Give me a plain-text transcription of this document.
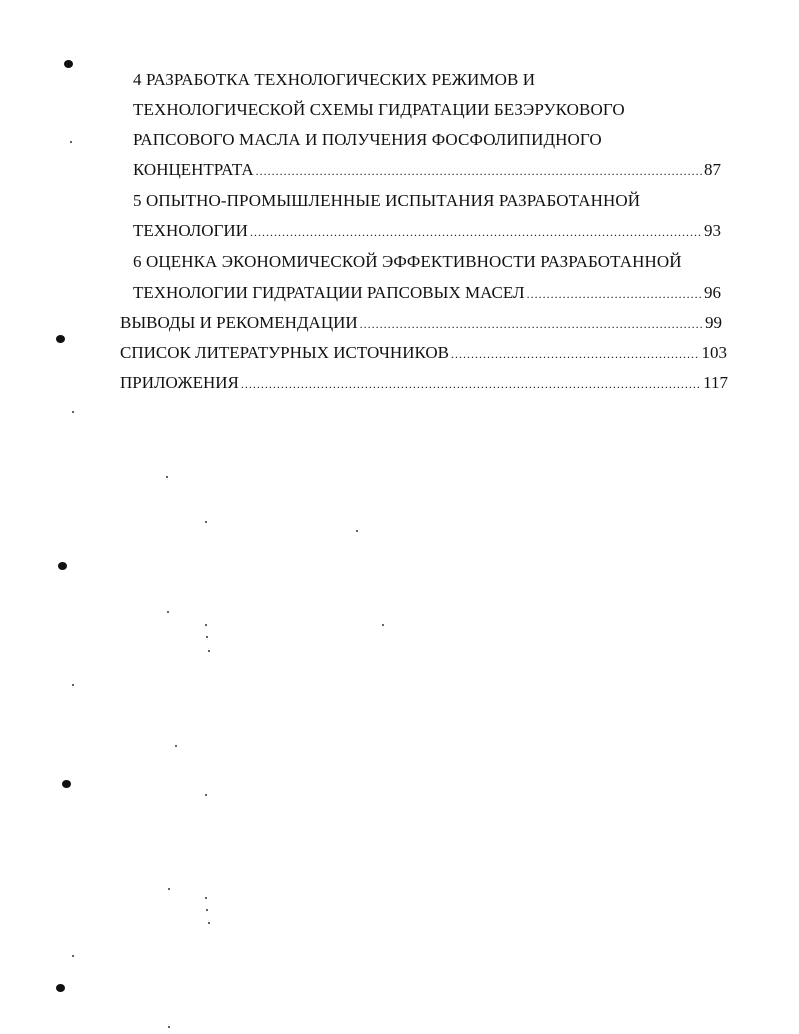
4 РАЗРАБОТКА ТЕХНОЛОГИЧЕСКИХ РЕЖИМОВ И
ТЕХНОЛОГИЧЕСКОЙ СХЕМЫ ГИДРАТАЦИИ БЕЗЭРУКОВОГО
РАПСОВОГО МАСЛА И ПОЛУЧЕНИЯ ФОСФОЛИПИДНОГО
КОНЦЕНТРАТА .....	87
5 ОПЫТНО-ПРОМЫШЛЕННЫЕ ИСПЫТАНИЯ РАЗРАБОТАННОЙ
ТЕХНОЛОГИИ .....	93
6 ОЦЕНКА ЭКОНОМИЧЕСКОЙ ЭФФЕКТИВНОСТИ РАЗРАБОТАННОЙ
ТЕХНОЛОГИИ ГИДРАТАЦИИ РАПСОВЫХ МАСЕЛ .....	96
ВЫВОДЫ И РЕКОМЕНДАЦИИ .....	99
СПИСОК ЛИТЕРАТУРНЫХ ИСТОЧНИКОВ .....	103
ПРИЛОЖЕНИЯ .....	117
